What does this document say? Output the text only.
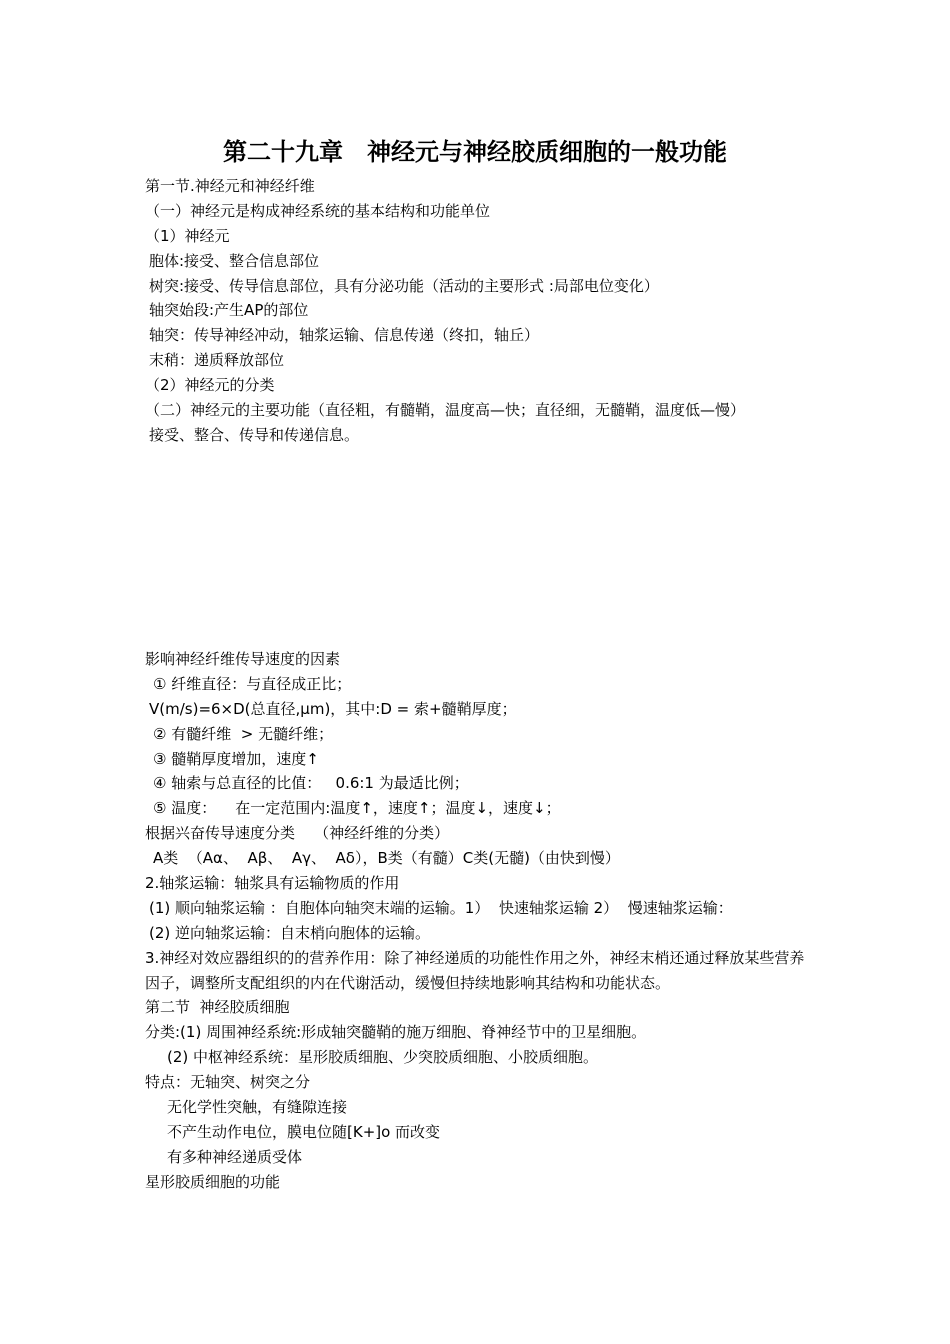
第二十九章　神经元与神经胶质细胞的一般功能
第一节.神经元和神经纤维
（一）神经元是构成神经系统的基本结构和功能单位
（1）神经元
胞体:接受、整合信息部位
树突:接受、传导信息部位，具有分泌功能（活动的主要形式 :局部电位变化）
轴突始段:产生AP的部位
轴突：传导神经冲动，轴浆运输、信息传递（终扣，轴丘）
末稍：递质释放部位
（2）神经元的分类
（二）神经元的主要功能（直径粗，有髓鞘，温度高—快；直径细，无髓鞘，温度低—慢）
接受、整合、传导和传递信息。

影响神经纤维传导速度的因素
① 纤维直径：与直径成正比；
V(m/s)=6×D(总直径,μm)，其中:D = 索+髓鞘厚度；
② 有髓纤维  > 无髓纤维；
③ 髓鞘厚度增加，速度↑
④ 轴索与总直径的比值：   0.6:1 为最适比例；
⑤ 温度：    在一定范围内:温度↑，速度↑；温度↓，速度↓；
根据兴奋传导速度分类    （神经纤维的分类）
A类  （Aα、  Aβ、  Aγ、  Aδ），B类（有髓）C类(无髓)（由快到慢）
2.轴浆运输：轴浆具有运输物质的作用
(1) 顺向轴浆运输 ：自胞体向轴突末端的运输。1）  快速轴浆运输 2）  慢速轴浆运输：
(2) 逆向轴浆运输：自末梢向胞体的运输。
3.神经对效应器组织的的营养作用：除了神经递质的功能性作用之外，神经末梢还通过释放某些营养因子，调整所支配组织的内在代谢活动，缓慢但持续地影响其结构和功能状态。
第二节  神经胶质细胞
分类:(1) 周围神经系统:形成轴突髓鞘的施万细胞、脊神经节中的卫星细胞。
(2) 中枢神经系统：星形胶质细胞、少突胶质细胞、小胶质细胞。
特点：无轴突、树突之分
无化学性突触，有缝隙连接
不产生动作电位，膜电位随[K+]o 而改变
有多种神经递质受体
星形胶质细胞的功能
